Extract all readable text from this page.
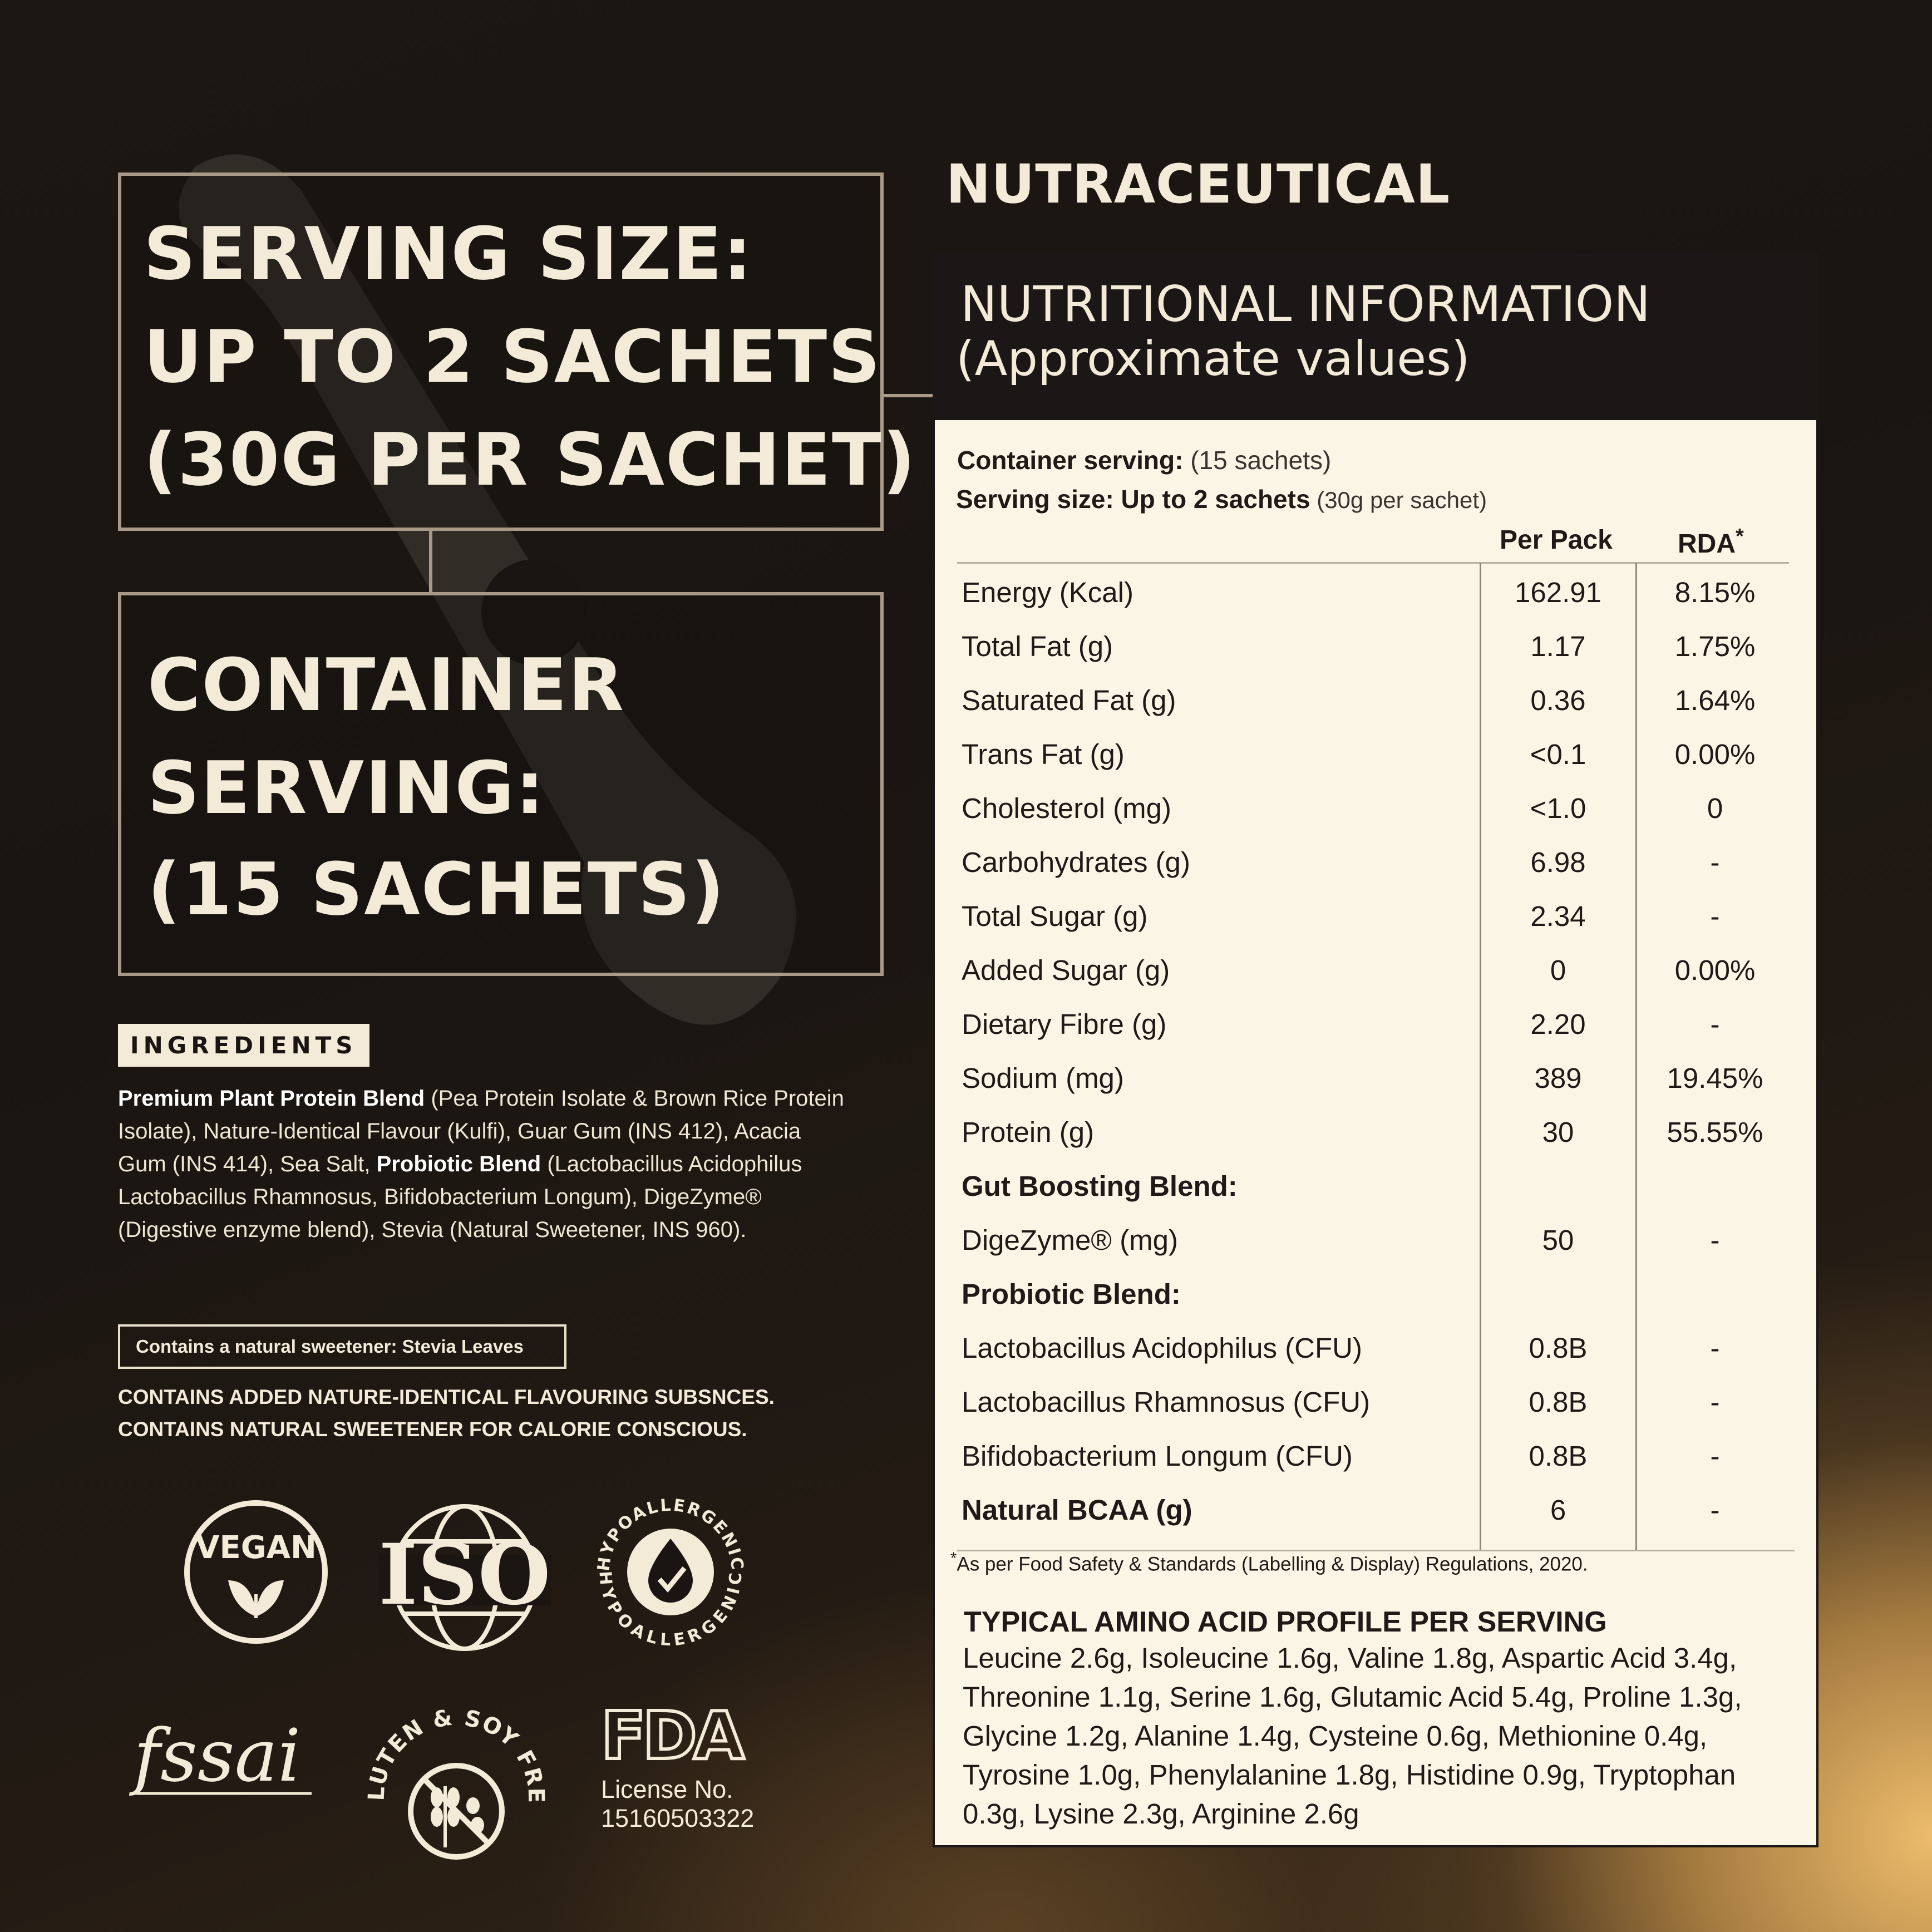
SERVING SIZE:
UP TO 2 SACHETS
(30G PER SACHET)
CONTAINER
SERVING:
(15 SACHETS)
INGREDIENTS
Premium Plant Protein Blend (Pea Protein Isolate & Brown Rice Protein Isolate), Nature-Identical Flavour (Kulfi), Guar Gum (INS 412), Acacia Gum (INS 414), Sea Salt, Probiotic Blend (Lactobacillus Acidophilus Lactobacillus Rhamnosus, Bifidobacterium Longum), DigeZyme® (Digestive enzyme blend), Stevia (Natural Sweetener, INS 960).
Contains a natural sweetener: Stevia Leaves
CONTAINS ADDED NATURE-IDENTICAL FLAVOURING SUBSNCES.
CONTAINS NATURAL SWEETENER FOR CALORIE CONSCIOUS.
VEGAN ISO	HYPOALLERGENIC
HYPOALLERGENIC
fssai	LUTEN & SOY FRE
FDA
License No.
15160503322
NUTRACEUTICAL
NUTRITIONAL INFORMATION
(Approximate values)
Container serving: (15 sachets)
Serving size: Up to 2 sachets (30g per sachet)
Per Pack RDA*
Energy (Kcal)	162.91	8.15%
Total Fat (g)	1.17	1.75%
Saturated Fat (g)	0.36	1.64%
Trans Fat (g)	<0.1	0.00%
Cholesterol (mg)	<1.0	0
Carbohydrates (g)	6.98	-
Total Sugar (g)	2.34	-
Added Sugar (g)	0	0.00%
Dietary Fibre (g)	2.20	-
Sodium (mg)	389	19.45%
Protein (g)	30	55.55%
Gut Boosting Blend:
DigeZyme® (mg)	50	-
Probiotic Blend:
Lactobacillus Acidophilus (CFU)	0.8B	-
Lactobacillus Rhamnosus (CFU)	0.8B	-
Bifidobacterium Longum (CFU)	0.8B	-
Natural BCAA (g)	6	-
*As per Food Safety & Standards (Labelling & Display) Regulations, 2020.
TYPICAL AMINO ACID PROFILE PER SERVING
Leucine 2.6g, Isoleucine 1.6g, Valine 1.8g, Aspartic Acid 3.4g, Threonine 1.1g, Serine 1.6g, Glutamic Acid 5.4g, Proline 1.3g, Glycine 1.2g, Alanine 1.4g, Cysteine 0.6g, Methionine 0.4g, Tyrosine 1.0g, Phenylalanine 1.8g, Histidine 0.9g, Tryptophan 0.3g, Lysine 2.3g, Arginine 2.6g
